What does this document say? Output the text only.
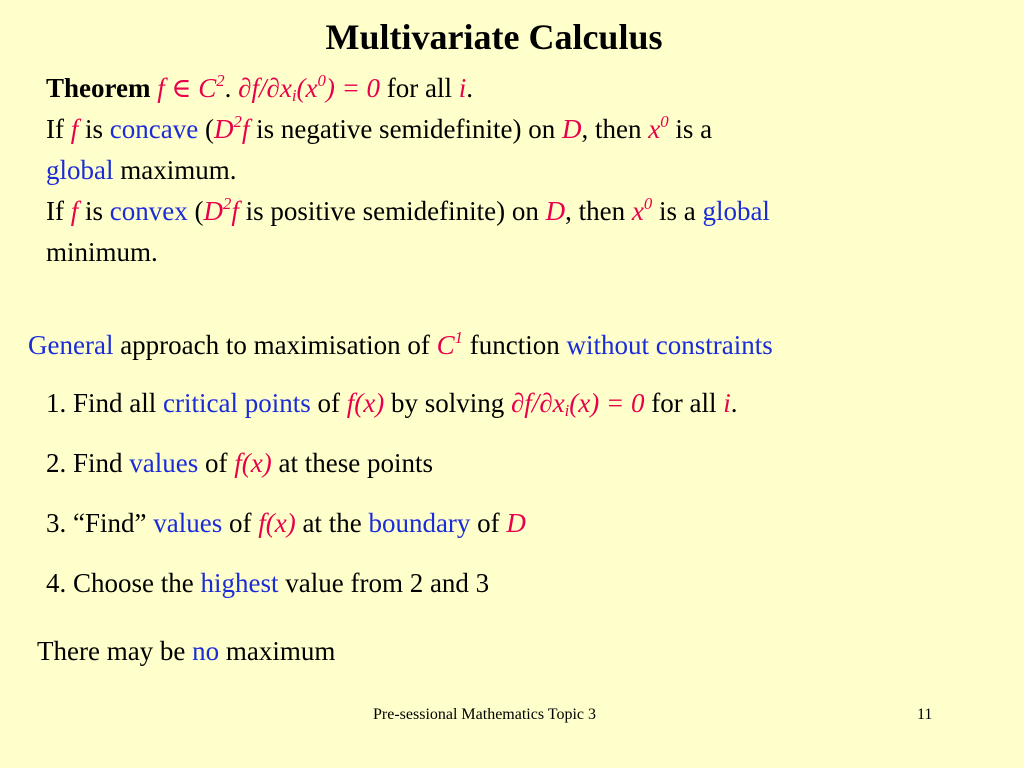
Multivariate Calculus
Theorem f ∈ $C^2$. $\partial f/\partial x_i(x^0) = 0$ for all i.
If f is concave ($D^2f$ is negative semidefinite) on D, then $x^0$ is a
global maximum.
If f is convex ($D^2f$ is positive semidefinite) on D, then $x^0$ is a global
minimum.
General approach to maximisation of $C^1$ function without constraints
1. Find all critical points of f(x) by solving $\partial f/\partial x_i(x) = 0$ for all i.
2. Find values of f(x) at these points
3. “Find” values of f(x) at the boundary of D
4. Choose the highest value from 2 and 3
There may be no maximum
Pre-sessional Mathematics Topic 3	11
